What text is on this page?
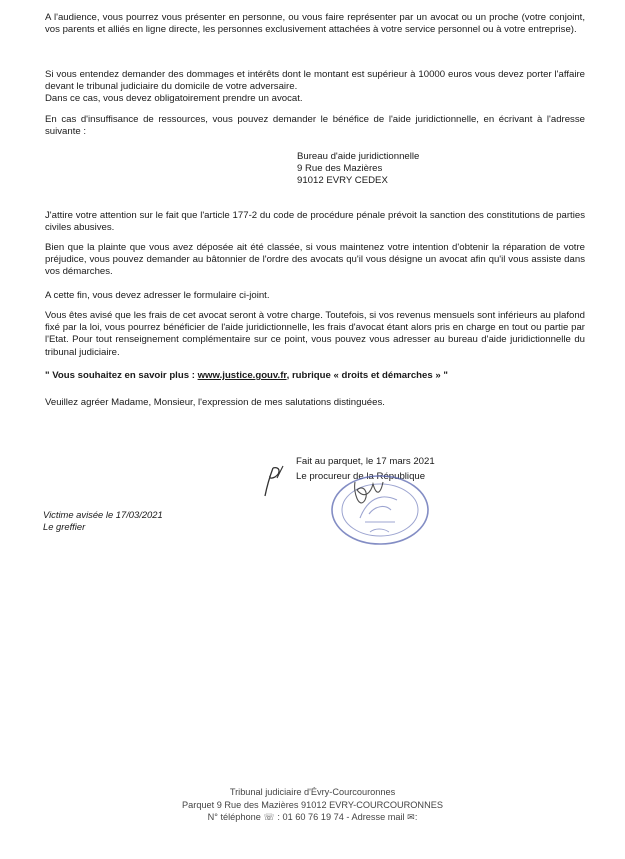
A l'audience, vous pourrez vous présenter en personne, ou vous faire représenter par un avocat ou un proche (votre conjoint, vos parents et alliés en ligne directe, les personnes exclusivement attachées à votre service personnel ou à votre entreprise).

Si vous entendez demander des dommages et intérêts dont le montant est supérieur à 10000 euros vous devez porter l'affaire devant le tribunal judiciaire du domicile de votre adversaire.

Dans ce cas, vous devez obligatoirement prendre un avocat.

En cas d'insuffisance de ressources, vous pouvez demander le bénéfice de l'aide juridictionnelle, en écrivant à l'adresse suivante :

Bureau d'aide juridictionnelle
9 Rue des Mazières
91012 EVRY CEDEX

J'attire votre attention sur le fait que l'article 177-2 du code de procédure pénale prévoit la sanction des constitutions de parties civiles abusives.

Bien que la plainte que vous avez déposée ait été classée, si vous maintenez votre intention d'obtenir la réparation de votre préjudice, vous pouvez demander au bâtonnier de l'ordre des avocats qu'il vous désigne un avocat afin qu'il vous assiste dans vos démarches.

A cette fin, vous devez adresser le formulaire ci-joint.

Vous êtes avisé que les frais de cet avocat seront à votre charge. Toutefois, si vos revenus mensuels sont inférieurs au plafond fixé par la loi, vous pourrez bénéficier de l'aide juridictionnelle, les frais d'avocat étant alors pris en charge en tout ou partie par l'Etat. Pour tout renseignement complémentaire sur ce point, vous pouvez vous adresser au bureau d'aide juridictionnelle du tribunal judiciaire.

" Vous souhaitez en savoir plus : www.justice.gouv.fr, rubrique « droits et démarches » "

Veuillez agréer Madame, Monsieur, l'expression de mes salutations distinguées.

Fait au parquet, le 17 mars 2021
Le procureur de la République
Victime avisée le 17/03/2021
Le greffier
Tribunal judiciaire d'Évry-Courcouronnes
Parquet 9 Rue des Mazières 91012 EVRY-COURCOURONNES
N° téléphone ☏ : 01 60 76 19 74 - Adresse mail ✉:
